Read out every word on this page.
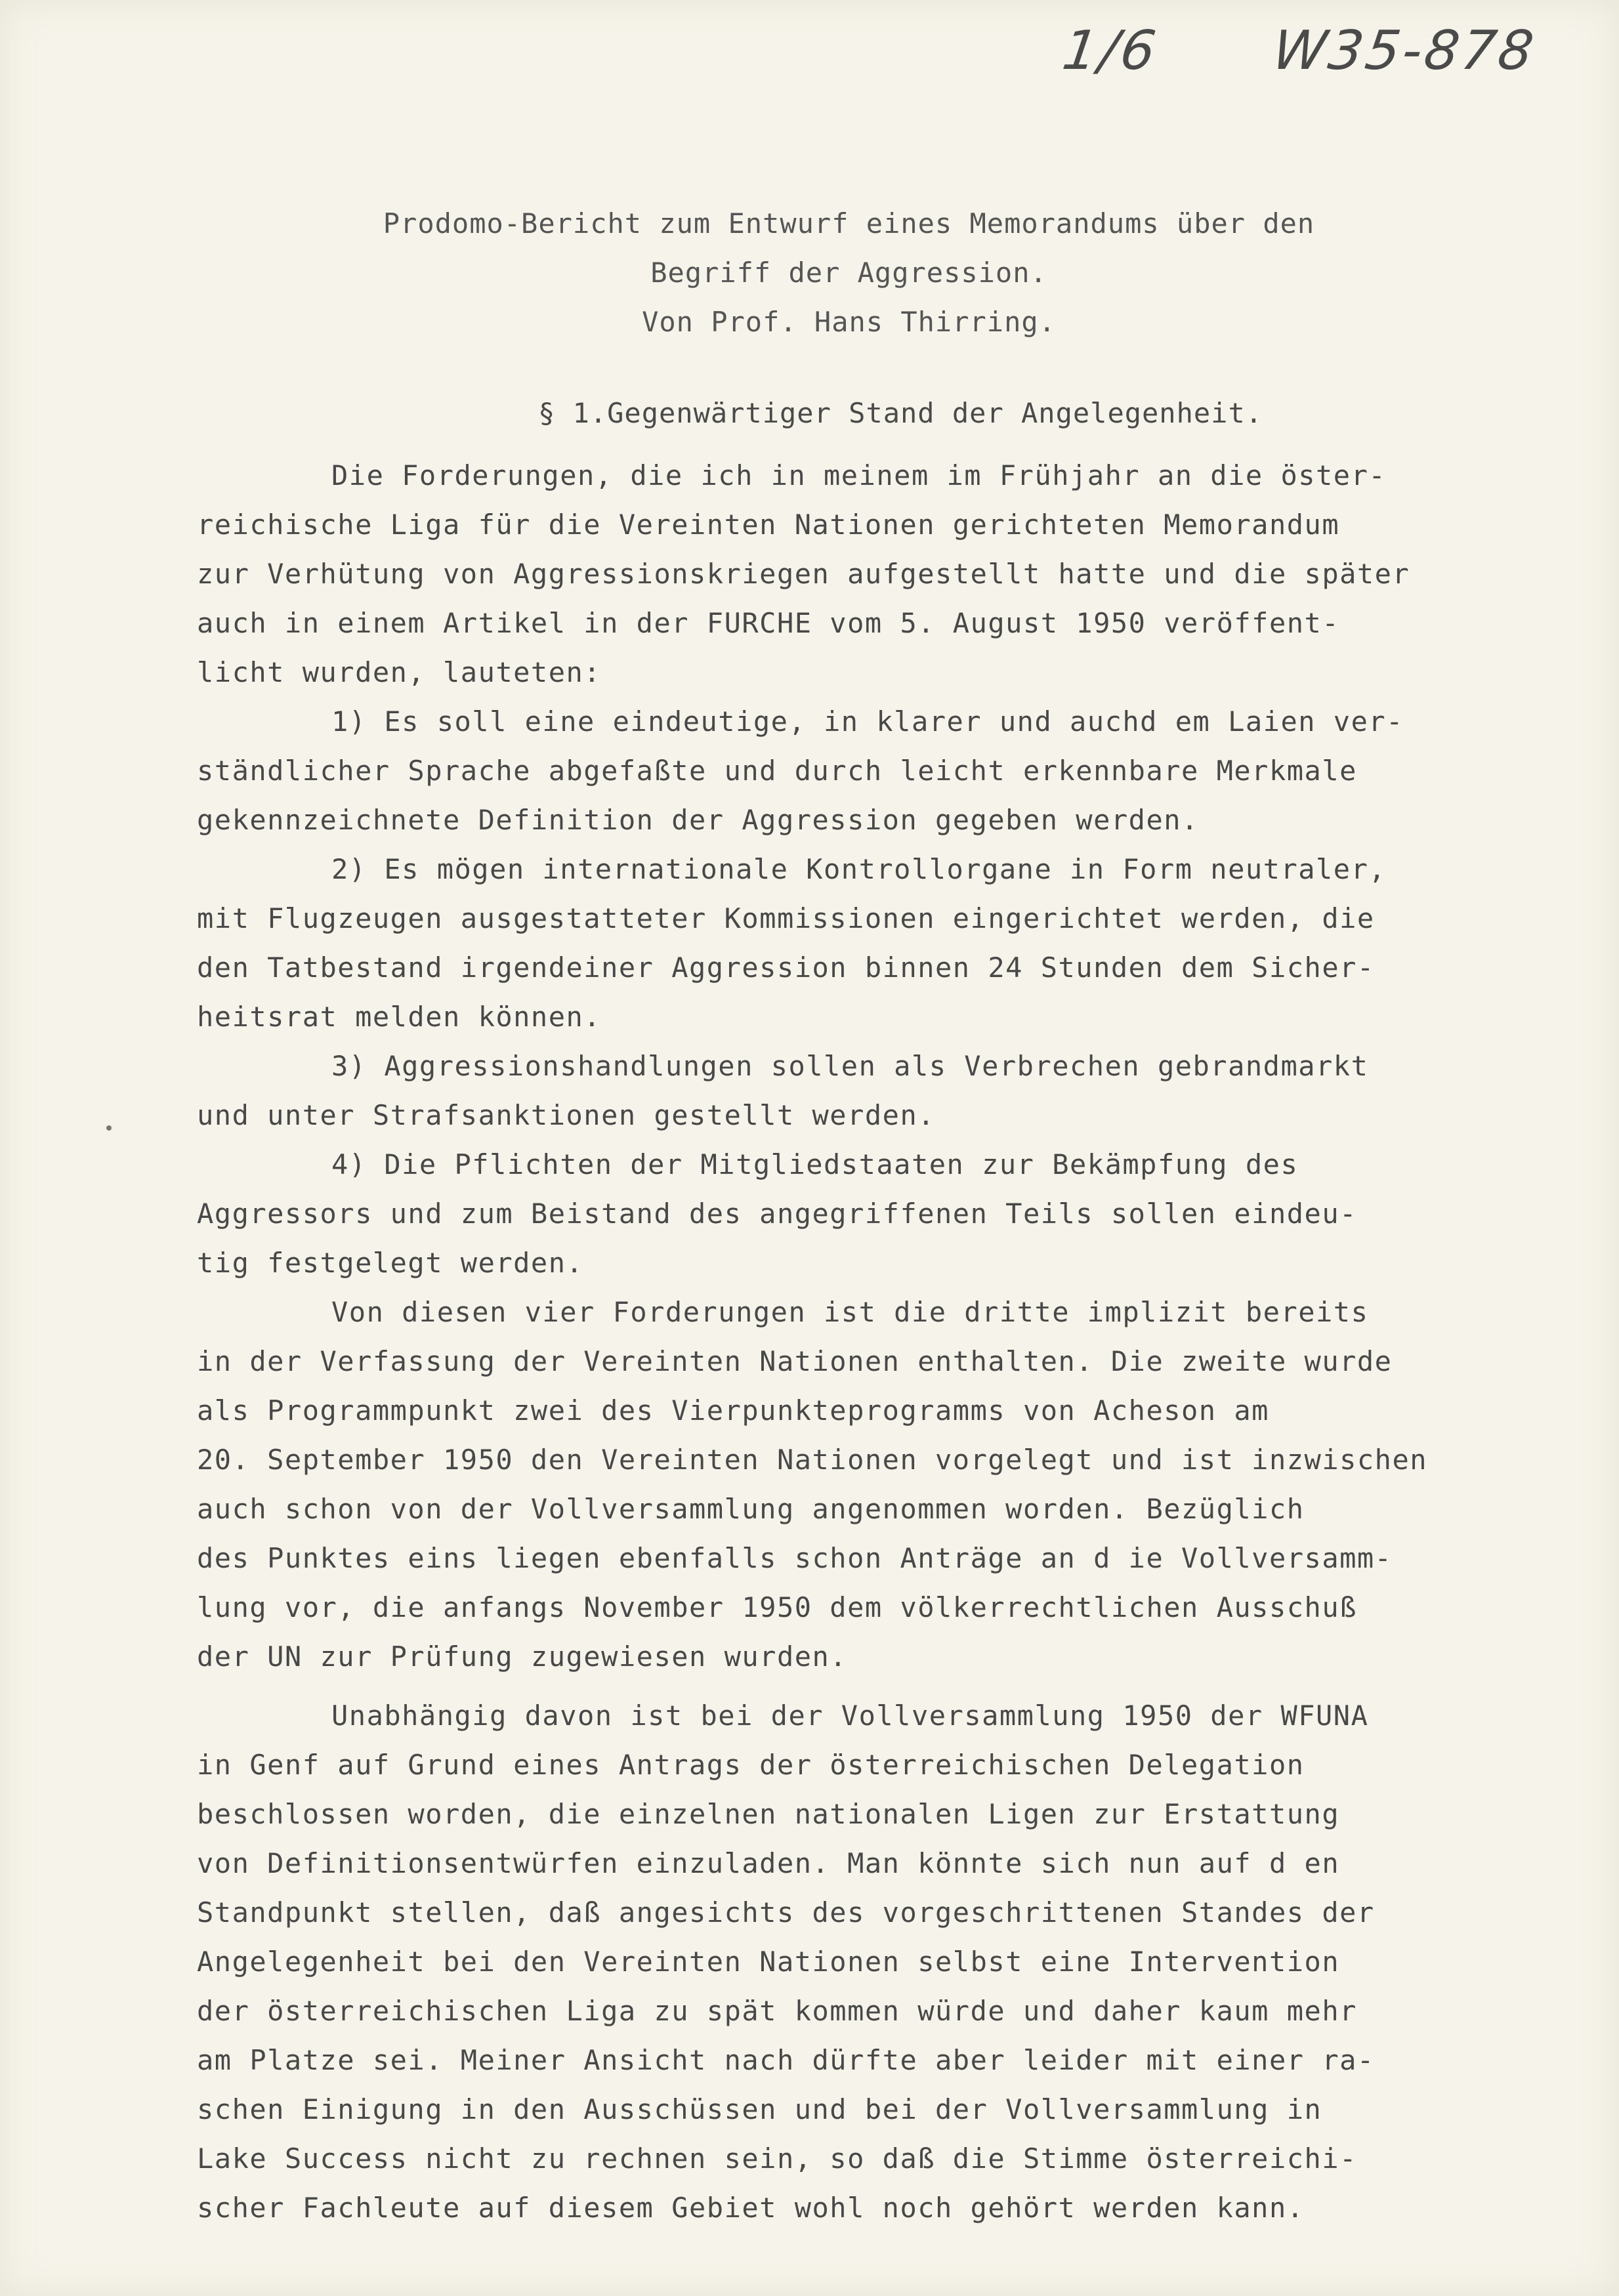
1/6 W35-878
Prodomo-Bericht zum Entwurf eines Memorandums über den
Begriff der Aggression.
Von Prof. Hans Thirring.
§ 1.Gegenwärtiger Stand der Angelegenheit.
Die Forderungen, die ich in meinem im Frühjahr an die öster-
reichische Liga für die Vereinten Nationen gerichteten Memorandum
zur Verhütung von Aggressionskriegen aufgestellt hatte und die später
auch in einem Artikel in der FURCHE vom 5. August 1950 veröffent-
licht wurden, lauteten:
1) Es soll eine eindeutige, in klarer und auchd em Laien ver-
ständlicher Sprache abgefaßte und durch leicht erkennbare Merkmale
gekennzeichnete Definition der Aggression gegeben werden.
2) Es mögen internationale Kontrollorgane in Form neutraler,
mit Flugzeugen ausgestatteter Kommissionen eingerichtet werden, die
den Tatbestand irgendeiner Aggression binnen 24 Stunden dem Sicher-
heitsrat melden können.
3) Aggressionshandlungen sollen als Verbrechen gebrandmarkt
und unter Strafsanktionen gestellt werden.
4) Die Pflichten der Mitgliedstaaten zur Bekämpfung des
Aggressors und zum Beistand des angegriffenen Teils sollen eindeu-
tig festgelegt werden.
Von diesen vier Forderungen ist die dritte implizit bereits
in der Verfassung der Vereinten Nationen enthalten. Die zweite wurde
als Programmpunkt zwei des Vierpunkteprogramms von Acheson am
20. September 1950 den Vereinten Nationen vorgelegt und ist inzwischen
auch schon von der Vollversammlung angenommen worden. Bezüglich
des Punktes eins liegen ebenfalls schon Anträge an d ie Vollversamm-
lung vor, die anfangs November 1950 dem völkerrechtlichen Ausschuß
der UN zur Prüfung zugewiesen wurden.
Unabhängig davon ist bei der Vollversammlung 1950 der WFUNA
in Genf auf Grund eines Antrags der österreichischen Delegation
beschlossen worden, die einzelnen nationalen Ligen zur Erstattung
von Definitionsentwürfen einzuladen. Man könnte sich nun auf d en
Standpunkt stellen, daß angesichts des vorgeschrittenen Standes der
Angelegenheit bei den Vereinten Nationen selbst eine Intervention
der österreichischen Liga zu spät kommen würde und daher kaum mehr
am Platze sei. Meiner Ansicht nach dürfte aber leider mit einer ra-
schen Einigung in den Ausschüssen und bei der Vollversammlung in
Lake Success nicht zu rechnen sein, so daß die Stimme österreichi-
scher Fachleute auf diesem Gebiet wohl noch gehört werden kann.
